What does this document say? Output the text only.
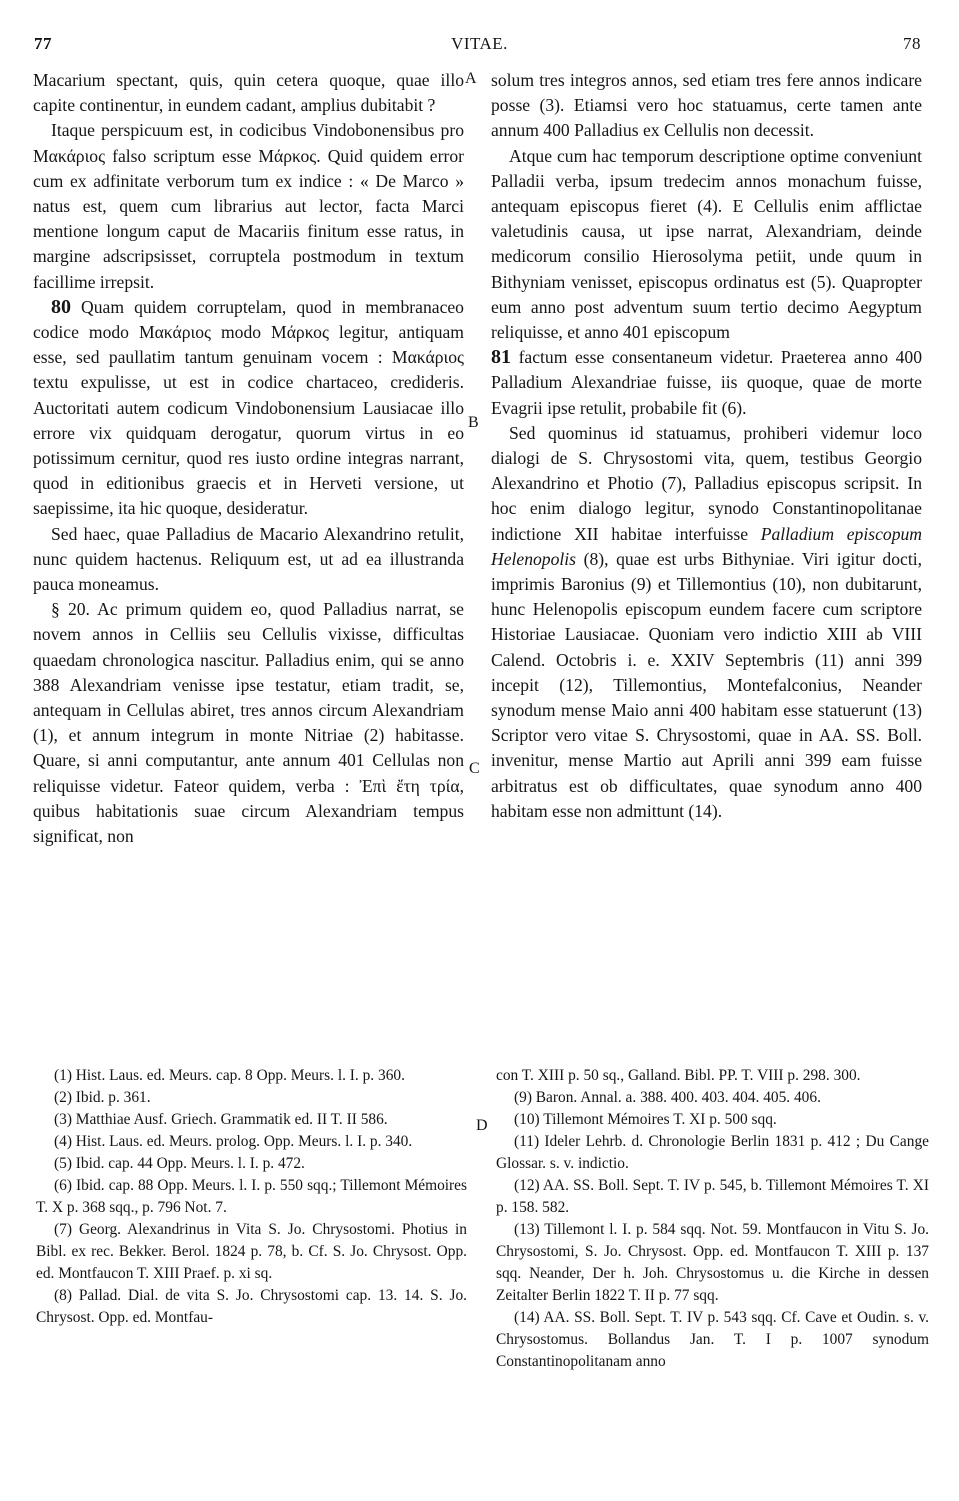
77	VITAE.	78
A
B
C
D

Macarium spectant, quis, quin cetera quoque, quae illo capite continentur, in eundem cadant, amplius dubitabit ?

Itaque perspicuum est, in codicibus Vindobonensibus pro Μακάριος falso scriptum esse Μάρκος. Quid quidem error cum ex adfinitate verborum tum ex indice : « De Marco » natus est, quem cum librarius aut lector, facta Marci mentione longum caput de Macariis finitum esse ratus, in margine adscripsisset, corruptela postmodum in textum facillime irrepsit.

80 Quam quidem corruptelam, quod in membranaceo codice modo Μακάριος modo Μάρκος legitur, antiquam esse, sed paullatim tantum genuinam vocem : Μακάριος textu expulisse, ut est in codice chartaceo, credideris. Auctoritati autem codicum Vindobonensium Lausiacae illo errore vix quidquam derogatur, quorum virtus in eo potissimum cernitur, quod res iusto ordine integras narrant, quod in editionibus graecis et in Herveti versione, ut saepissime, ita hic quoque, desideratur.

Sed haec, quae Palladius de Macario Alexandrino retulit, nunc quidem hactenus. Reliquum est, ut ad ea illustranda pauca moneamus.

§ 20. Ac primum quidem eo, quod Palladius narrat, se novem annos in Celliis seu Cellulis vixisse, difficultas quaedam chronologica nascitur. Palladius enim, qui se anno 388 Alexandriam venisse ipse testatur, etiam tradit, se, antequam in Cellulas abiret, tres annos circum Alexandriam (1), et annum integrum in monte Nitriae (2) habitasse. Quare, si anni computantur, ante annum 401 Cellulas non reliquisse videtur. Fateor quidem, verba : Ἐπὶ ἔτη τρία, quibus habitationis suae circum Alexandriam tempus significat, non

solum tres integros annos, sed etiam tres fere annos indicare posse (3). Etiamsi vero hoc statuamus, certe tamen ante annum 400 Palladius ex Cellulis non decessit.

Atque cum hac temporum descriptione optime conveniunt Palladii verba, ipsum tredecim annos monachum fuisse, antequam episcopus fieret (4). E Cellulis enim afflictae valetudinis causa, ut ipse narrat, Alexandriam, deinde medicorum consilio Hierosolyma petiit, unde quum in Bithyniam venisset, episcopus ordinatus est (5). Quapropter eum anno post adventum suum tertio decimo Aegyptum reliquisse, et anno 401 episcopum

81 factum esse consentaneum videtur. Praeterea anno 400 Palladium Alexandriae fuisse, iis quoque, quae de morte Evagrii ipse retulit, probabile fit (6).

Sed quominus id statuamus, prohiberi videmur loco dialogi de S. Chrysostomi vita, quem, testibus Georgio Alexandrino et Photio (7), Palladius episcopus scripsit. In hoc enim dialogo legitur, synodo Constantinopolitanae indictione XII habitae interfuisse Palladium episcopum Helenopolis (8), quae est urbs Bithyniae. Viri igitur docti, imprimis Baronius (9) et Tillemontius (10), non dubitarunt, hunc Helenopolis episcopum eundem facere cum scriptore Historiae Lausiacae. Quoniam vero indictio XIII ab VIII Calend. Octobris i. e. XXIV Septembris (11) anni 399 incepit (12), Tillemontius, Montefalconius, Neander synodum mense Maio anni 400 habitam esse statuerunt (13) Scriptor vero vitae S. Chrysostomi, quae in AA. SS. Boll. invenitur, mense Martio aut Aprili anni 399 eam fuisse arbitratus est ob difficultates, quae synodum anno 400 habitam esse non admittunt (14).

(1) Hist. Laus. ed. Meurs. cap. 8 Opp. Meurs. l. I. p. 360.

(2) Ibid. p. 361.

(3) Matthiae Ausf. Griech. Grammatik ed. II T. II 586.

(4) Hist. Laus. ed. Meurs. prolog. Opp. Meurs. l. I. p. 340.

(5) Ibid. cap. 44 Opp. Meurs. l. I. p. 472.

(6) Ibid. cap. 88 Opp. Meurs. l. I. p. 550 sqq.; Tillemont Mémoires T. X p. 368 sqq., p. 796 Not. 7.

(7) Georg. Alexandrinus in Vita S. Jo. Chrysostomi. Photius in Bibl. ex rec. Bekker. Berol. 1824 p. 78, b. Cf. S. Jo. Chrysost. Opp. ed. Montfaucon T. XIII Praef. p. xi sq.

(8) Pallad. Dial. de vita S. Jo. Chrysostomi cap. 13. 14. S. Jo. Chrysost. Opp. ed. Montfau-

con T. XIII p. 50 sq., Galland. Bibl. PP. T. VIII p. 298. 300.

(9) Baron. Annal. a. 388. 400. 403. 404. 405. 406.

(10) Tillemont Mémoires T. XI p. 500 sqq.

(11) Ideler Lehrb. d. Chronologie Berlin 1831 p. 412 ; Du Cange Glossar. s. v. indictio.

(12) AA. SS. Boll. Sept. T. IV p. 545, b. Tillemont Mémoires T. XI p. 158. 582.

(13) Tillemont l. I. p. 584 sqq. Not. 59. Montfaucon in Vitu S. Jo. Chrysostomi, S. Jo. Chrysost. Opp. ed. Montfaucon T. XIII p. 137 sqq. Neander, Der h. Joh. Chrysostomus u. die Kirche in dessen Zeitalter Berlin 1822 T. II p. 77 sqq.

(14) AA. SS. Boll. Sept. T. IV p. 543 sqq. Cf. Cave et Oudin. s. v. Chrysostomus. Bollandus Jan. T. I p. 1007 synodum Constantinopolitanam anno
